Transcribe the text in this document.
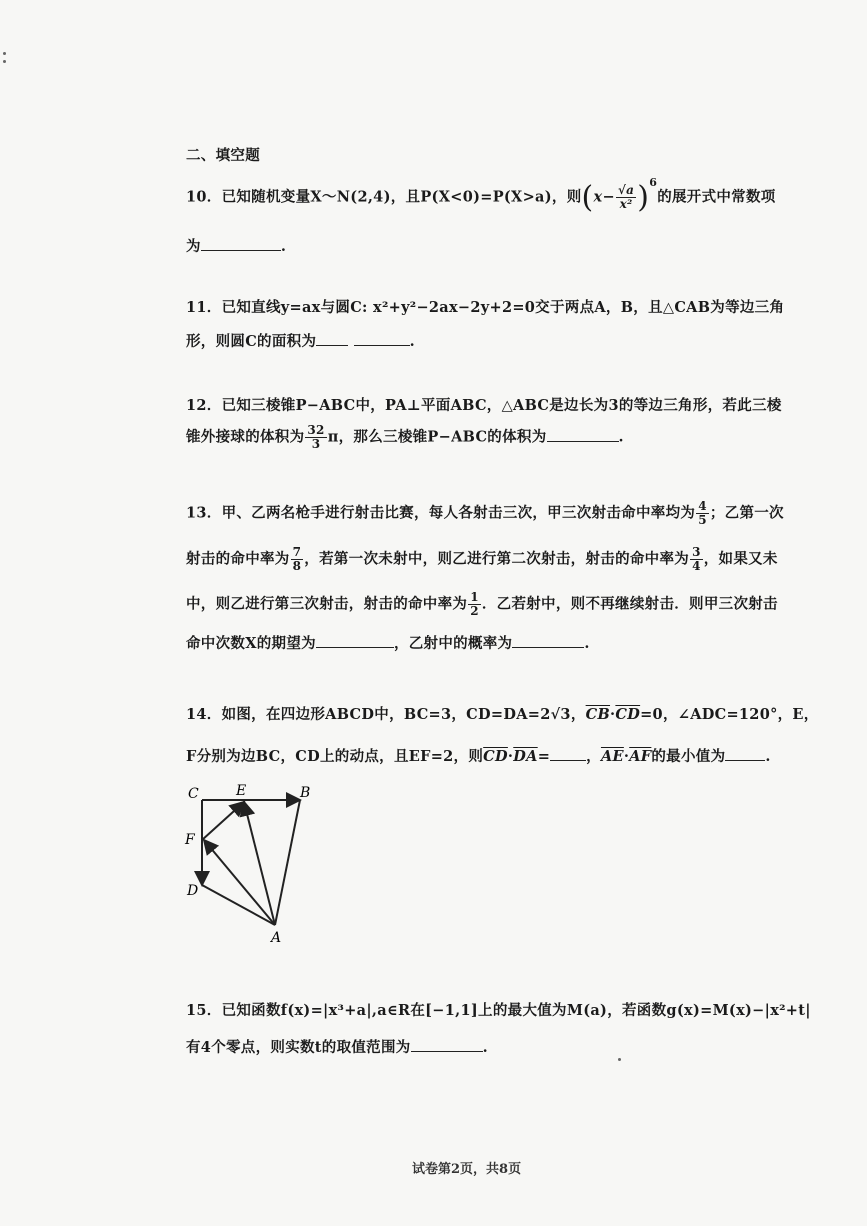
二、填空题
10．已知随机变量X～N(2,4)，且P(X<0)=P(X>a)，则$(x- \frac{√a}{\text{x²}} )^6$的展开式中常数项
为	.
11．已知直线y=ax与圆C: x²+y²−2ax−2y+2=0交于两点A，B，且△CAB为等边三角
形，则圆C的面积为	.
12．已知三棱锥P−ABC中，PA⊥平面ABC，△ABC是边长为3的等边三角形，若此三棱
锥外接球的体积为 $\frac{32}{3}$ π，那么三棱锥P−ABC的体积为	.
13．甲、乙两名枪手进行射击比赛，每人各射击三次，甲三次射击命中率均为 $\frac{4}{5}$ ；乙第一次
射击的命中率为 $\frac{7}{8}$ ，若第一次未射中，则乙进行第二次射击，射击的命中率为 $\frac{3}{4}$ ，如果又未
中，则乙进行第三次射击，射击的命中率为 $\frac{1}{2}$ ．乙若射中，则不再继续射击．则甲三次射击
命中次数X的期望为	，乙射中的概率为	.
14．如图，在四边形ABCD中，BC=3，CD=DA=2√3，$\overline{CB}\cdot\overline{CD}=0$，∠ADC=120°，E，
F分别为边BC，CD上的动点，且EF=2，则$\overline{CD}\cdot\overline{DA}=$ ，$\overline{AE}\cdot\overline{AF}$的最小值为	.
C	E	B
F
D
A
15．已知函数f(x)=|x³+a|,a∈R在[−1,1]上的最大值为M(a)，若函数g(x)=M(x)−|x²+t|
有4个零点，则实数t的取值范围为	.
试卷第2页，共8页
